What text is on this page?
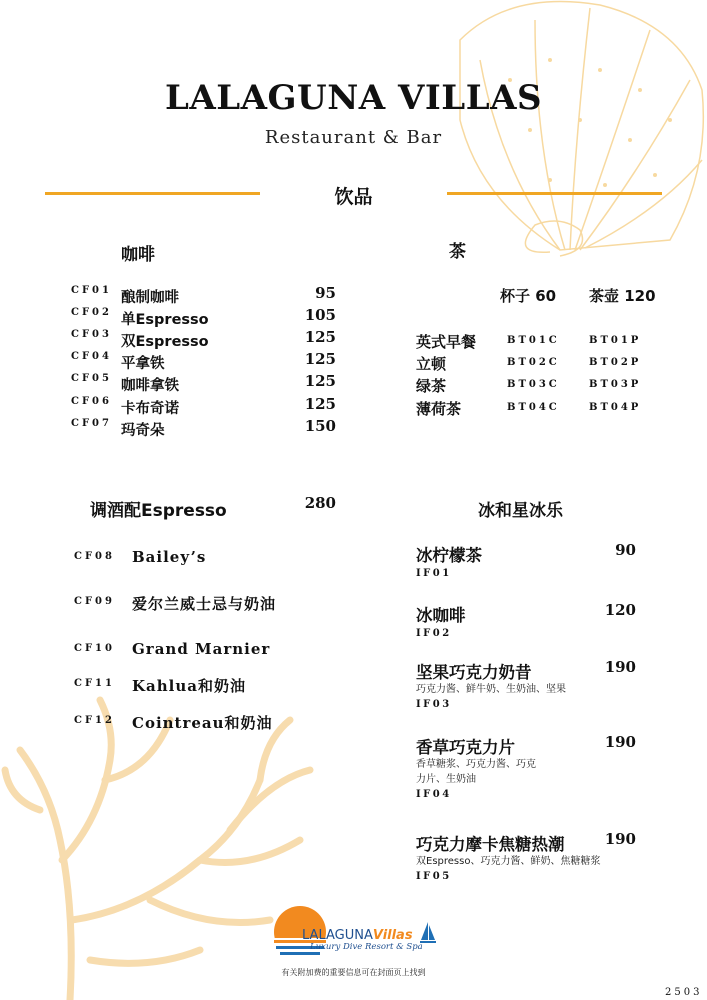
LALAGUNA VILLAS
Restaurant & Bar
饮品
咖啡
CF01 酿制咖啡	95
CF02 单Espresso	105
CF03 双Espresso	125
CF04 平拿铁	125
CF05 咖啡拿铁	125
CF06 卡布奇诺	125
CF07 玛奇朵	150
茶
杯子 60 茶壶 120
英式早餐	BT01C	BT01P
立顿	BT02C	BT02P
绿茶	BT03C	BT03P
薄荷茶	BT04C	BT04P
调酒配Espresso	280
CF08 Bailey’s
CF09 爱尔兰威士忌与奶油
CF10 Grand Marnier
CF11 Kahlua和奶油
CF12 Cointreau和奶油
冰和星冰乐
冰柠檬茶	90
IF01
冰咖啡	120
IF02
坚果巧克力奶昔	190
巧克力酱、鲜牛奶、生奶油、坚果
IF03
香草巧克力片	190
香草糖浆、巧克力酱、巧克
力片、生奶油
IF04
巧克力摩卡焦糖热潮	190
双Espresso、巧克力酱、鲜奶、焦糖糖浆
IF05
LALAGUNAVillas
Luxury Dive Resort & Spa
有关附加费的重要信息可在封面页上找到
2503
